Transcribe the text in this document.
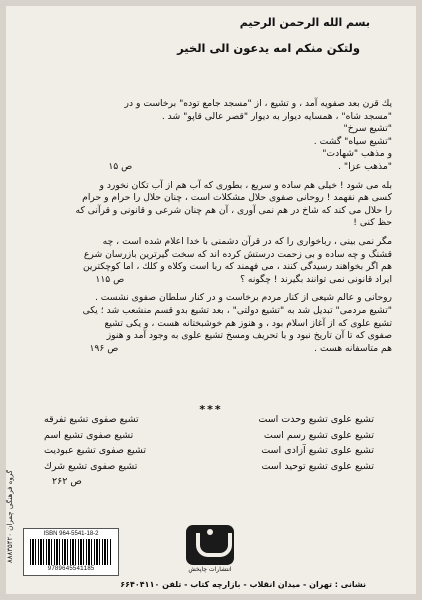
بسم الله الرحمن الرحيم
ولتكن منكم امه يدعون الى الخير
يك قرن بعد صفويه آمد ، و تشيع ، از "مسجد جامع توده" برخاست و در
"مسجد شاه" ، همسايه ديوار به ديوار "قصر عالى قاپو" شد .
"تشيع سرخ"
"تشيع سياه" گشت .
و مذهب "شهادت"
"مذهب عزا" .  ص ۱۵
بله مى شود ! خيلى هم ساده و سريع ، بطورى كه آب هم از آب تكان نخورد و
كسى هم نفهمد ! روحانى صفوى حلال مشكلات است ، چنان حلال را حرام و حرام
را حلال مى كند كه شاخ در هم نمى آورى ، آن هم چنان شرعى و قانونى و قرآنى كه
حظ كنى !
مگر نمى بينى ، رباخوارى را كه در قرآن دشمنى با خدا اعلام شده است ، چه
قشنگ و چه ساده و بى زحمت درستش كرده اند كه سخت گيرترين بازرسان شرع
هم اگر بخواهند رسيدگى كنند ، مى فهمند كه ربا است وكلاه و كلك ، اما كوچكترين
ايراد قانونى نمى توانند بگيرند ! چگونه ؟  ص ۱۱۵
روحانى و عالم شيعى از كنار مردم برخاست و در كنار سلطان صفوى نشست .
"تشيع مردمى" تبديل شد به "تشيع دولتى" ، بعد تشيع بدو قسم منشعب شد ؛ يكى
تشيع علوى كه از آغاز اسلام بود ، و هنوز هم خوشبختانه هست ، و يكى تشيع
صفوى كه تا آن تاريخ نبود و با تحريف ومسخ تشيع علوى به وجود آمد و هنوز
هم متاسفانه هست .  ص ۱۹۶
***
تشيع علوى تشيع وحدت است
تشيع صفوى تشيع تفرقه
تشيع علوى تشيع رسم است
تشيع صفوى تشيع اسم
تشيع علوى تشيع آزادى است
تشيع صفوى تشيع عبوديت
تشيع علوى تشيع توحيد است
تشيع صفوى تشيع شرك
ص ۲۶۲
گروه فرهنگى چمران ۸۸۸۳۵۴۲۰
ISBN 964-5541-18-2
9789645541185	انتشارات چاپخش
نشانى : تهران - ميدان انقلاب - بازارچه كتاب - تلفن ۶۶۴۰۴۱۱۰
